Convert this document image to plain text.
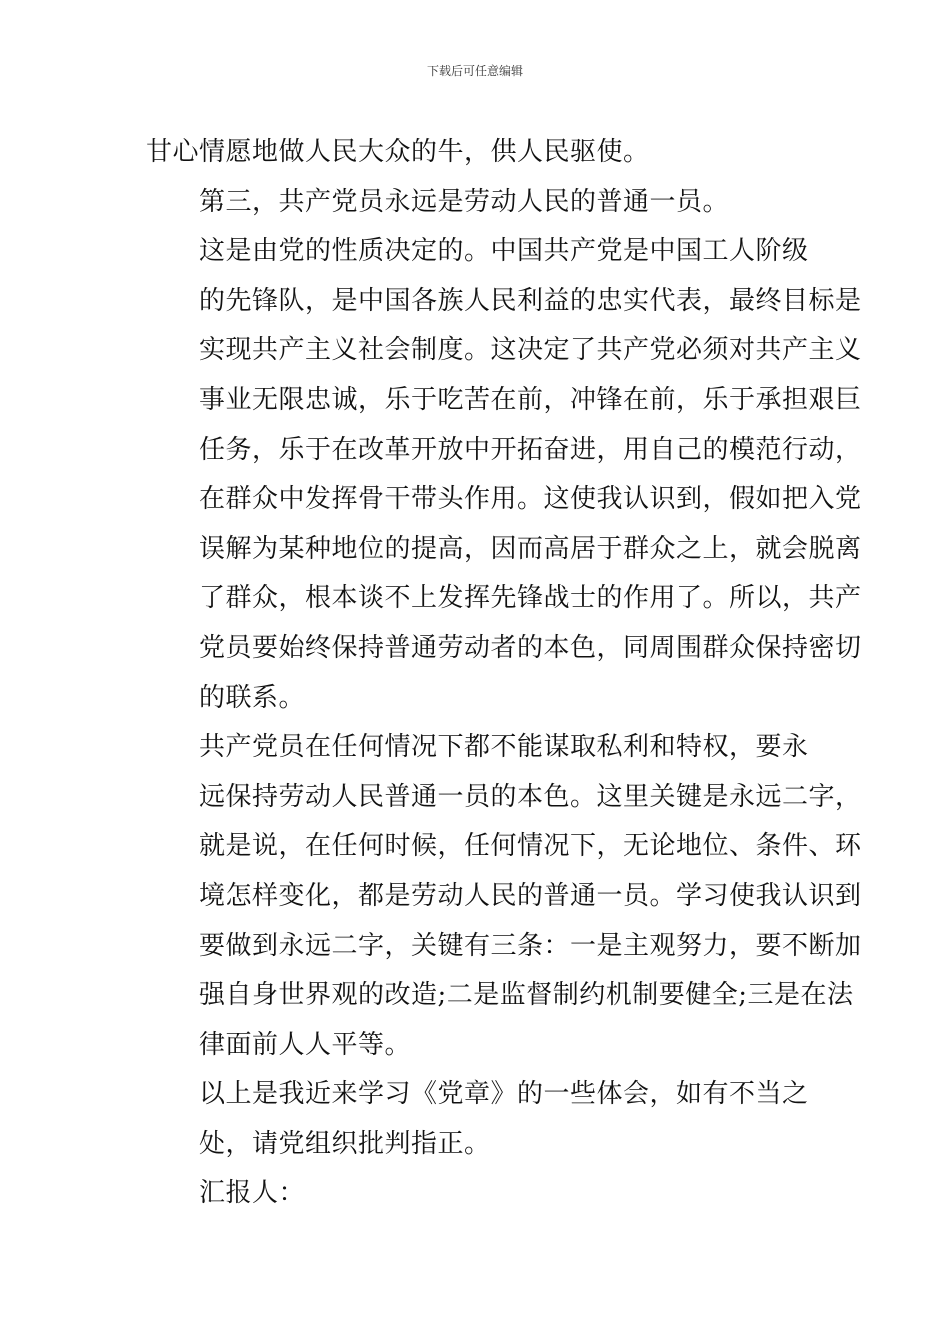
下载后可任意编辑

甘心情愿地做人民大众的牛，供人民驱使。

第三，共产党员永远是劳动人民的普通一员。

这是由党的性质决定的。中国共产党是中国工人阶级
的先锋队，是中国各族人民利益的忠实代表，最终目标是
实现共产主义社会制度。这决定了共产党必须对共产主义
事业无限忠诚，乐于吃苦在前，冲锋在前，乐于承担艰巨
任务，乐于在改革开放中开拓奋进，用自己的模范行动，
在群众中发挥骨干带头作用。这使我认识到，假如把入党
误解为某种地位的提高，因而高居于群众之上，就会脱离
了群众，根本谈不上发挥先锋战士的作用了。所以，共产
党员要始终保持普通劳动者的本色，同周围群众保持密切
的联系。

共产党员在任何情况下都不能谋取私利和特权，要永
远保持劳动人民普通一员的本色。这里关键是永远二字，
就是说，在任何时候，任何情况下，无论地位、条件、环
境怎样变化，都是劳动人民的普通一员。学习使我认识到
要做到永远二字，关键有三条：一是主观努力，要不断加
强自身世界观的改造;二是监督制约机制要健全;三是在法
律面前人人平等。

以上是我近来学习《党章》的一些体会，如有不当之
处，请党组织批判指正。

汇报人：
